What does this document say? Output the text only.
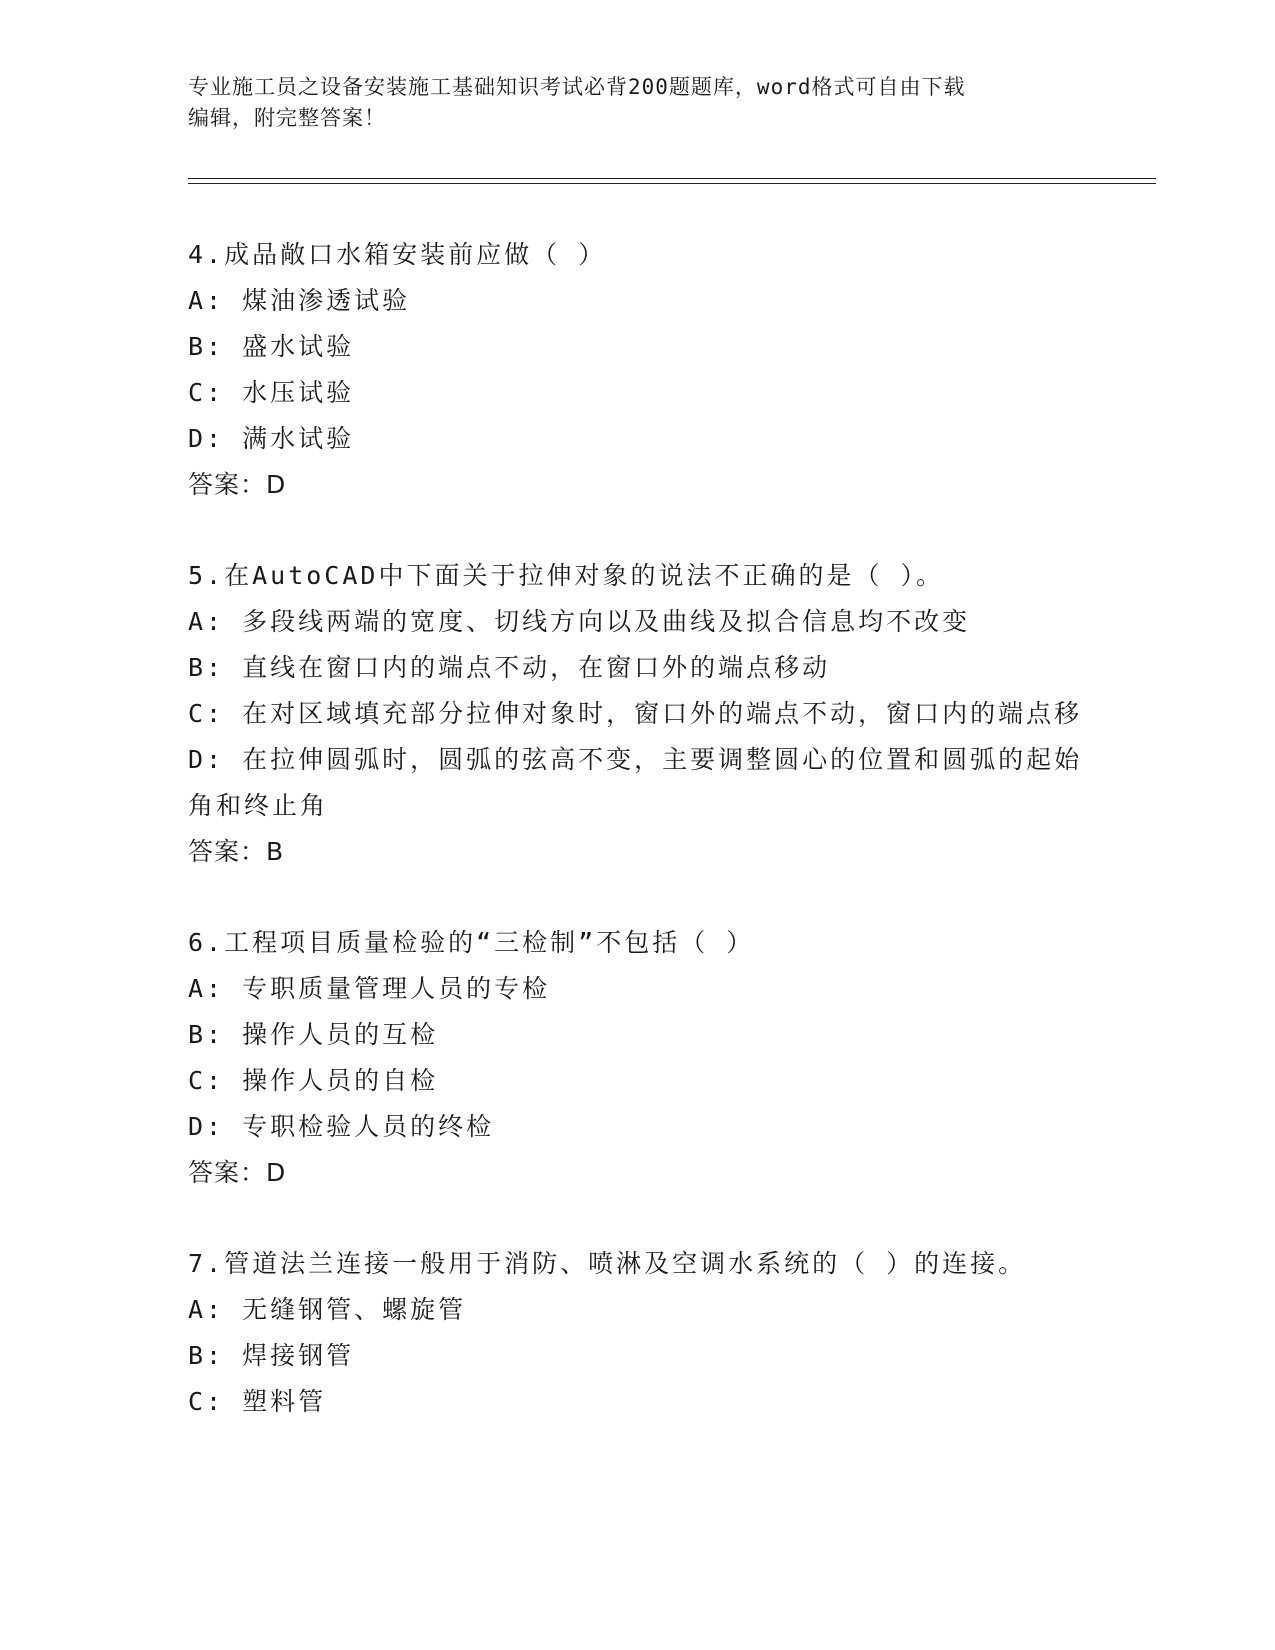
专业施工员之设备安装施工基础知识考试必背200题题库，word格式可自由下载
编辑，附完整答案！
4.成品敞口水箱安装前应做（ ）
A: 煤油渗透试验
B: 盛水试验
C: 水压试验
D: 满水试验
答案：D
5.在AutoCAD中下面关于拉伸对象的说法不正确的是（ ）。
A: 多段线两端的宽度、切线方向以及曲线及拟合信息均不改变
B: 直线在窗口内的端点不动，在窗口外的端点移动
C: 在对区域填充部分拉伸对象时，窗口外的端点不动，窗口内的端点移
D: 在拉伸圆弧时，圆弧的弦高不变，主要调整圆心的位置和圆弧的起始角和终止角
答案：B
6.工程项目质量检验的“三检制”不包括（ ）
A: 专职质量管理人员的专检
B: 操作人员的互检
C: 操作人员的自检
D: 专职检验人员的终检
答案：D
7.管道法兰连接一般用于消防、喷淋及空调水系统的（ ）的连接。
A: 无缝钢管、螺旋管
B: 焊接钢管
C: 塑料管
